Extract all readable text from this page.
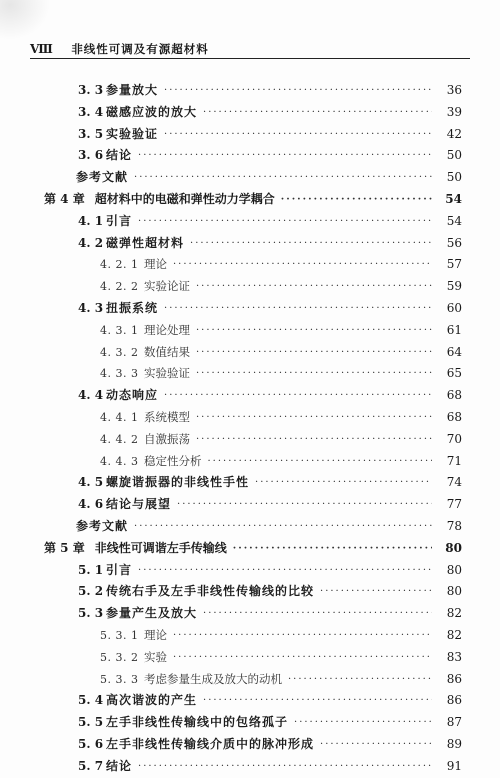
Ⅷ 非线性可调及有源超材料
3. 3 参量放大 ·····	36
3. 4 磁感应波的放大 ·····	39
3. 5 实验验证 ·····	42
3. 6 结论 ·····	50
参考文献 ·····	50
第 4 章 超材料中的电磁和弹性动力学耦合 ·····	54
4. 1 引言 ·····	54
4. 2 磁弹性超材料 ·····	56
4. 2. 1 理论 ·····	57
4. 2. 2 实验论证 ·····	59
4. 3 扭振系统 ·····	60
4. 3. 1 理论处理 ·····	61
4. 3. 2 数值结果 ·····	64
4. 3. 3 实验验证 ·····	65
4. 4 动态响应 ·····	68
4. 4. 1 系统模型 ·····	68
4. 4. 2 自激振荡 ·····	70
4. 4. 3 稳定性分析 ·····	71
4. 5 螺旋谐振器的非线性手性 ·····	74
4. 6 结论与展望 ·····	77
参考文献 ·····	78
第 5 章 非线性可调谐左手传输线 ·····	80
5. 1 引言 ·····	80
5. 2 传统右手及左手非线性传输线的比较 ·····	80
5. 3 参量产生及放大 ·····	82
5. 3. 1 理论 ·····	82
5. 3. 2 实验 ·····	83
5. 3. 3 考虑参量生成及放大的动机 ·····	86
5. 4 高次谐波的产生 ·····	86
5. 5 左手非线性传输线中的包络孤子 ·····	87
5. 6 左手非线性传输线介质中的脉冲形成 ·····	89
5. 7 结论 ·····	91
